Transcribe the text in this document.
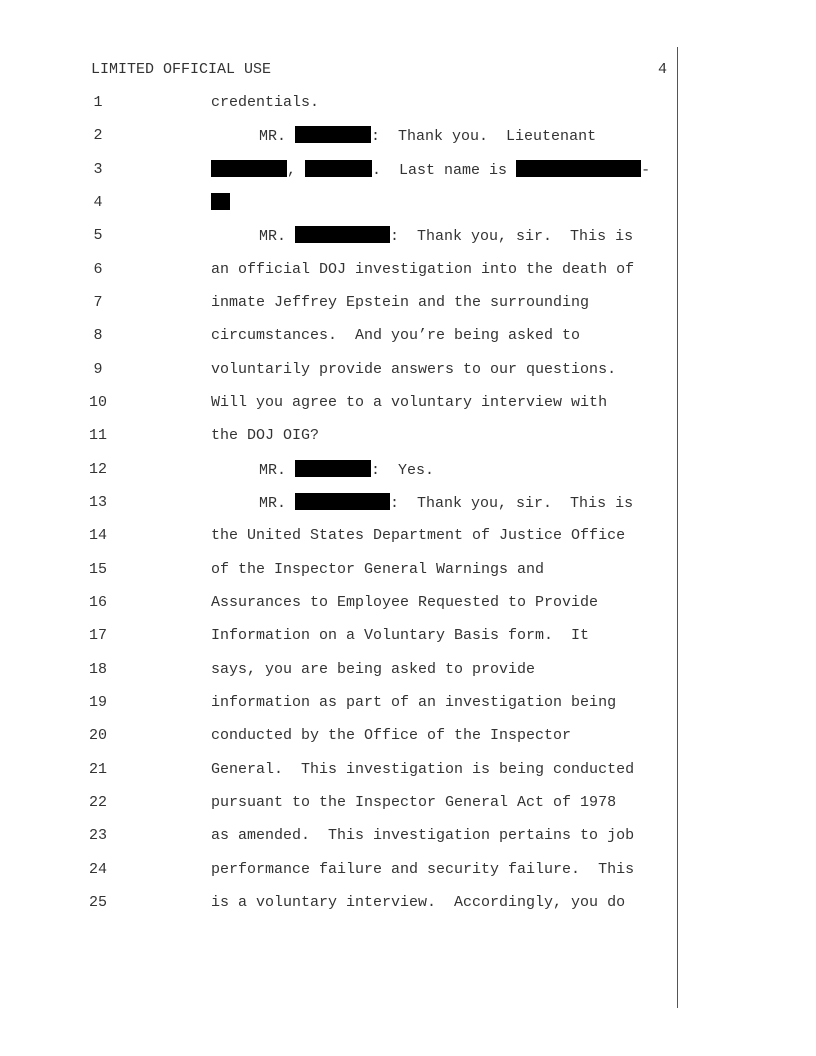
LIMITED OFFICIAL USE	4
1	credentials.
2	MR.	:  Thank you.  Lieutenant
3	,	.  Last name is	-
4
5	MR.	:  Thank you, sir.  This is
6	an official DOJ investigation into the death of
7	inmate Jeffrey Epstein and the surrounding
8	circumstances.  And you’re being asked to
9	voluntarily provide answers to our questions.
10	Will you agree to a voluntary interview with
11	the DOJ OIG?
12	MR.	:  Yes.
13	MR.	:  Thank you, sir.  This is
14	the United States Department of Justice Office
15	of the Inspector General Warnings and
16	Assurances to Employee Requested to Provide
17	Information on a Voluntary Basis form.  It
18	says, you are being asked to provide
19	information as part of an investigation being
20	conducted by the Office of the Inspector
21	General.  This investigation is being conducted
22	pursuant to the Inspector General Act of 1978
23	as amended.  This investigation pertains to job
24	performance failure and security failure.  This
25	is a voluntary interview.  Accordingly, you do
